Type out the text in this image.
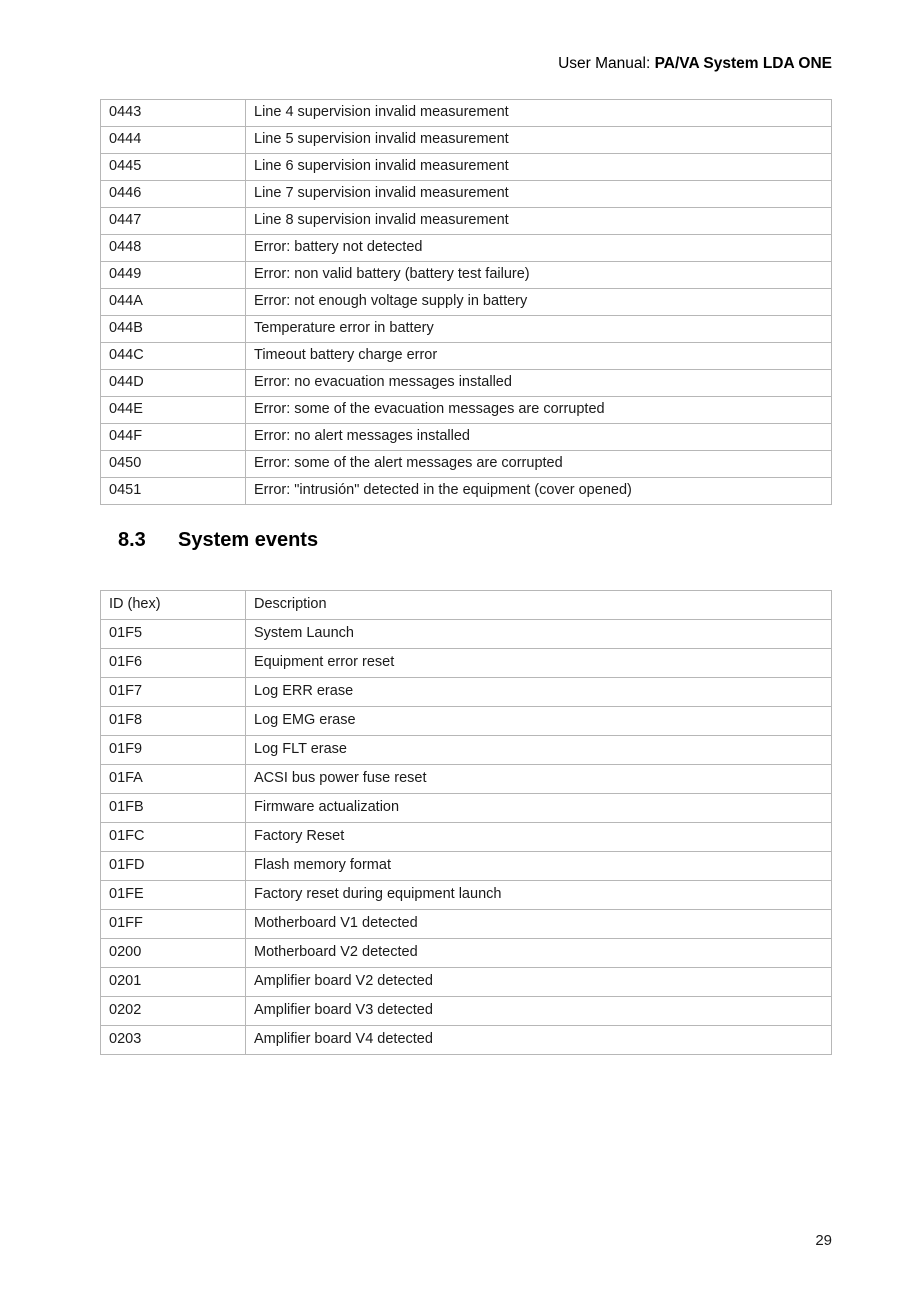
User Manual: PA/VA System LDA ONE
0443	Line 4 supervision invalid measurement
0444	Line 5 supervision invalid measurement
0445	Line 6 supervision invalid measurement
0446	Line 7 supervision invalid measurement
0447	Line 8 supervision invalid measurement
0448	Error: battery not detected
0449	Error: non valid battery (battery test failure)
044A	Error: not enough voltage supply in battery
044B	Temperature error in battery
044C	Timeout battery charge error
044D	Error: no evacuation messages installed
044E	Error: some of the evacuation messages are corrupted
044F	Error: no alert messages installed
0450	Error: some of the alert messages are corrupted
0451	Error: "intrusión" detected in the equipment (cover opened)
8.3 System events
ID (hex)	Description
01F5	System Launch
01F6	Equipment error reset
01F7	Log ERR erase
01F8	Log EMG erase
01F9	Log FLT erase
01FA	ACSI bus power fuse reset
01FB	Firmware actualization
01FC	Factory Reset
01FD	Flash memory format
01FE	Factory reset during equipment launch
01FF	Motherboard V1 detected
0200	Motherboard V2 detected
0201	Amplifier board V2 detected
0202	Amplifier board V3 detected
0203	Amplifier board V4 detected
29
